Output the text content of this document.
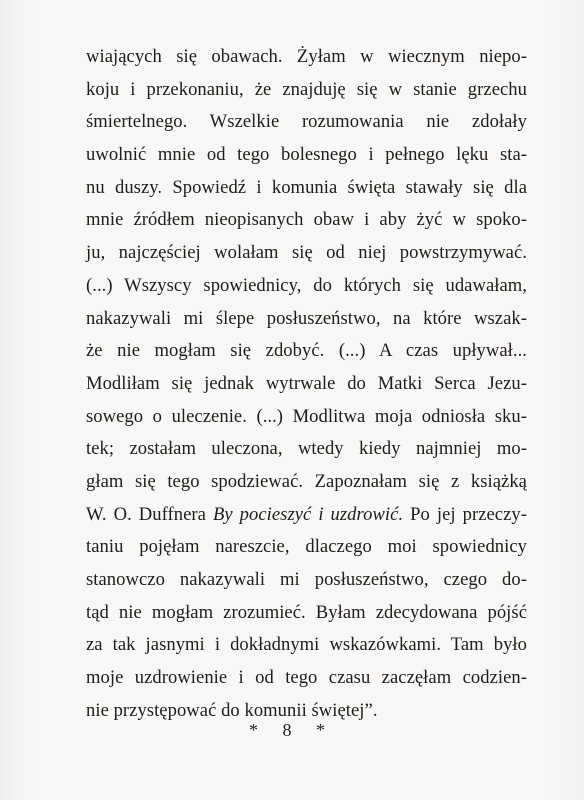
wiających się obawach. Żyłam w wiecznym niepo-
koju i przekonaniu, że znajduję się w stanie grzechu
śmiertelnego. Wszelkie rozumowania nie zdołały
uwolnić mnie od tego bolesnego i pełnego lęku sta-
nu duszy. Spowiedź i komunia święta stawały się dla
mnie źródłem nieopisanych obaw i aby żyć w spoko-
ju, najczęściej wolałam się od niej powstrzymywać.
(...) Wszyscy spowiednicy, do których się udawałam,
nakazywali mi ślepe posłuszeństwo, na które wszak-
że nie mogłam się zdobyć. (...) A czas upływał...
Modliłam się jednak wytrwale do Matki Serca Jezu-
sowego o uleczenie. (...) Modlitwa moja odniosła sku-
tek; zostałam uleczona, wtedy kiedy najmniej mo-
głam się tego spodziewać. Zapoznałam się z książką
W. O. Duffnera By pocieszyć i uzdrowić. Po jej przeczy-
taniu pojęłam nareszcie, dlaczego moi spowiednicy
stanowczo nakazywali mi posłuszeństwo, czego do-
tąd nie mogłam zrozumieć. Byłam zdecydowana pójść
za tak jasnymi i dokładnymi wskazówkami. Tam było
moje uzdrowienie i od tego czasu zaczęłam codzien-
nie przystępować do komunii świętej”.
* 8 *
